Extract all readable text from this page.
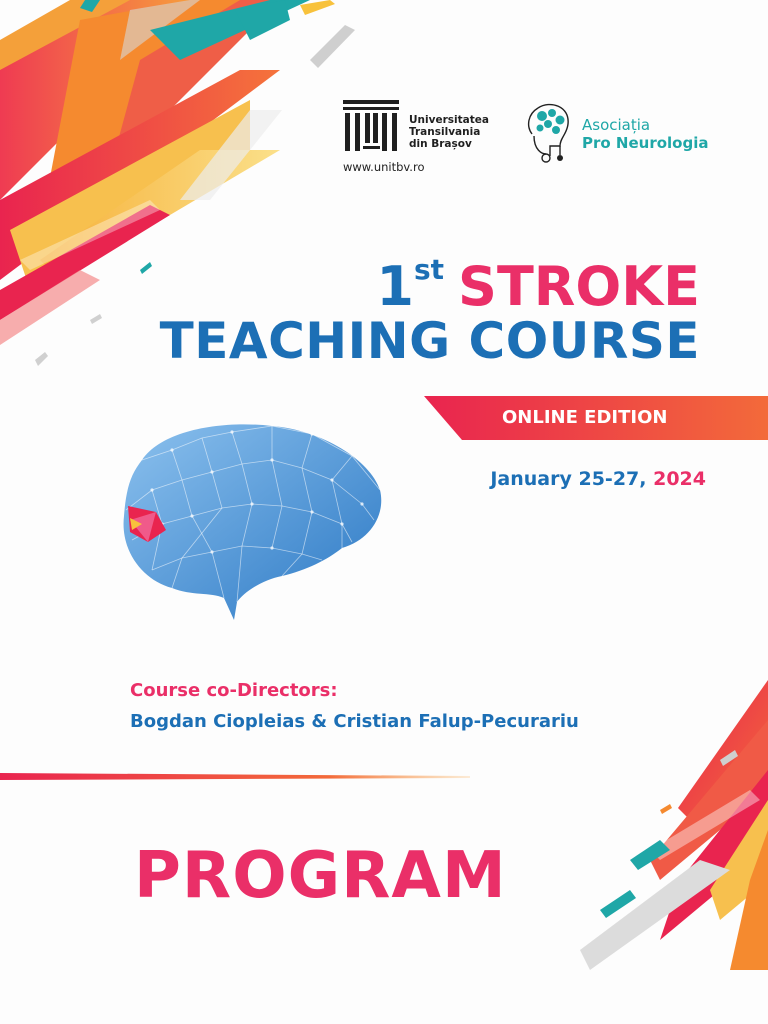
Universitatea
Transilvania
din Brașov
www.unitbv.ro
Asociația
Pro Neurologia
1st STROKE
TEACHING COURSE
ONLINE EDITION
January 25-27, 2024
Course co-Directors:
Bogdan Ciopleias & Cristian Falup-Pecurariu
PROGRAM
